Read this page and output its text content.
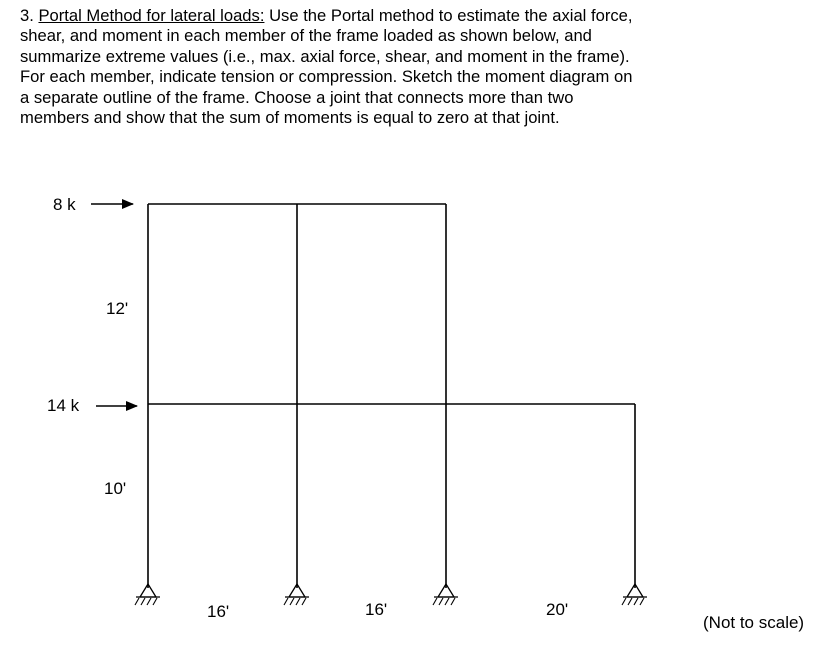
3. Portal Method for lateral loads: Use the Portal method to estimate the axial force,
shear, and moment in each member of the frame loaded as shown below, and
summarize extreme values (i.e., max. axial force, shear, and moment in the frame).
For each member, indicate tension or compression. Sketch the moment diagram on
a separate outline of the frame. Choose a joint that connects more than two
members and show that the sum of moments is equal to zero at that joint.
8 k
14 k
12'
10'
16'	16'	20'
(Not to scale)
